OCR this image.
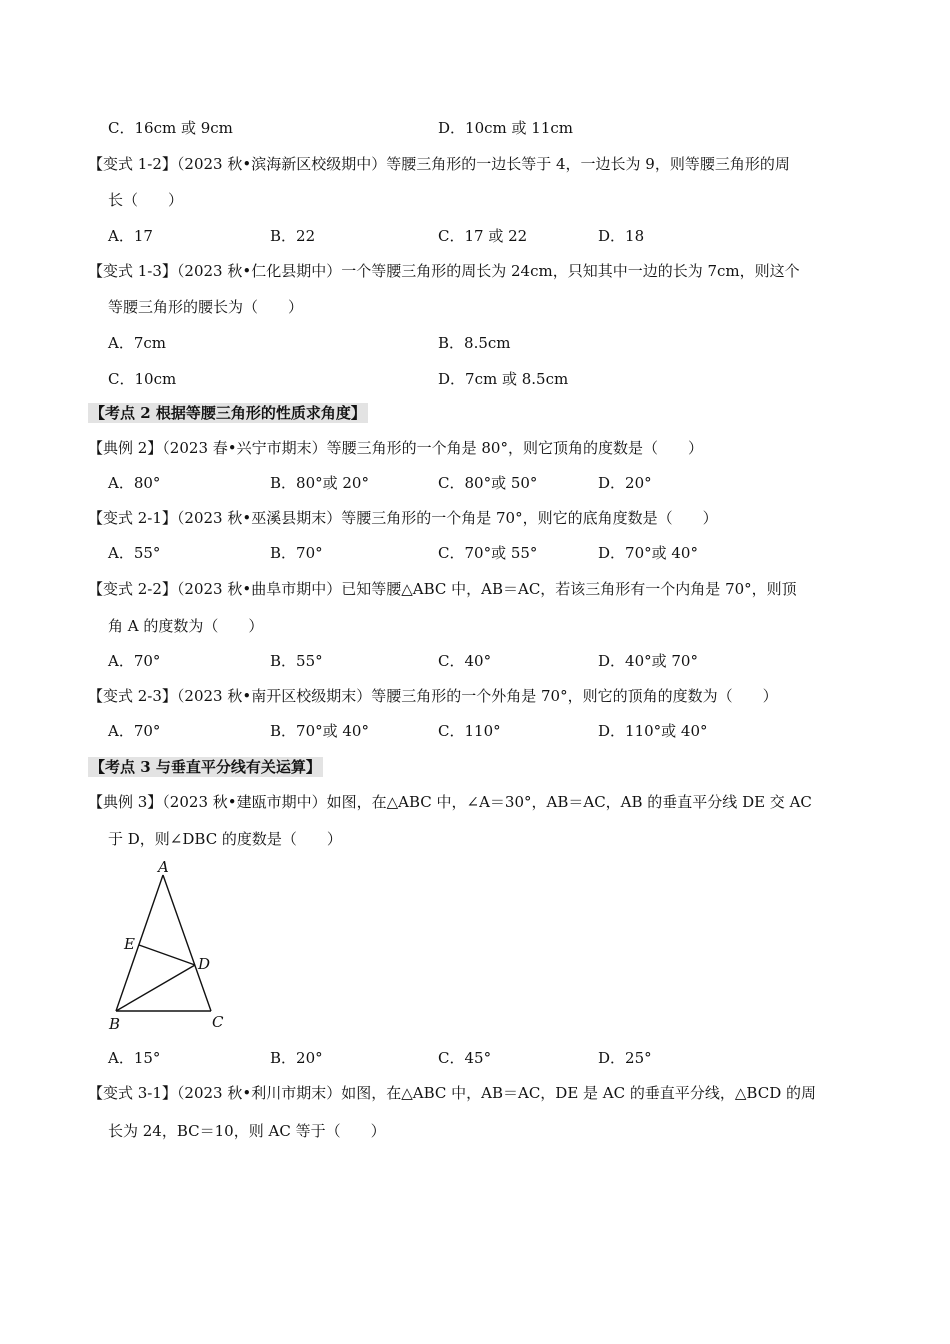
C．16cm 或 9cm	D．10cm 或 11cm
【变式 1-2】（2023 秋•滨海新区校级期中）等腰三角形的一边长等于 4，一边长为 9，则等腰三角形的周
长（　　）
A．17	B．22	C．17 或 22	D．18
【变式 1-3】（2023 秋•仁化县期中）一个等腰三角形的周长为 24cm，只知其中一边的长为 7cm，则这个
等腰三角形的腰长为（　　）
A．7cm	B．8.5cm
C．10cm	D．7cm 或 8.5cm
【考点 2 根据等腰三角形的性质求角度】
【典例 2】（2023 春•兴宁市期末）等腰三角形的一个角是 80°，则它顶角的度数是（　　）
A．80°	B．80°或 20°	C．80°或 50°	D．20°
【变式 2-1】（2023 秋•巫溪县期末）等腰三角形的一个角是 70°，则它的底角度数是（　　）
A．55°	B．70°	C．70°或 55°	D．70°或 40°
【变式 2-2】（2023 秋•曲阜市期中）已知等腰△ABC 中，AB＝AC，若该三角形有一个内角是 70°，则顶
角 A 的度数为（　　）
A．70°	B．55°	C．40°	D．40°或 70°
【变式 2-3】（2023 秋•南开区校级期末）等腰三角形的一个外角是 70°，则它的顶角的度数为（　　）
A．70°	B．70°或 40°	C．110°	D．110°或 40°
【考点 3 与垂直平分线有关运算】
【典例 3】（2023 秋•建瓯市期中）如图，在△ABC 中，∠A＝30°，AB＝AC，AB 的垂直平分线 DE 交 AC
于 D，则∠DBC 的度数是（　　）
A
E
D
B	C
A．15°	B．20°	C．45°	D．25°
【变式 3-1】（2023 秋•利川市期末）如图，在△ABC 中，AB＝AC，DE 是 AC 的垂直平分线，△BCD 的周
长为 24，BC＝10，则 AC 等于（　　）
